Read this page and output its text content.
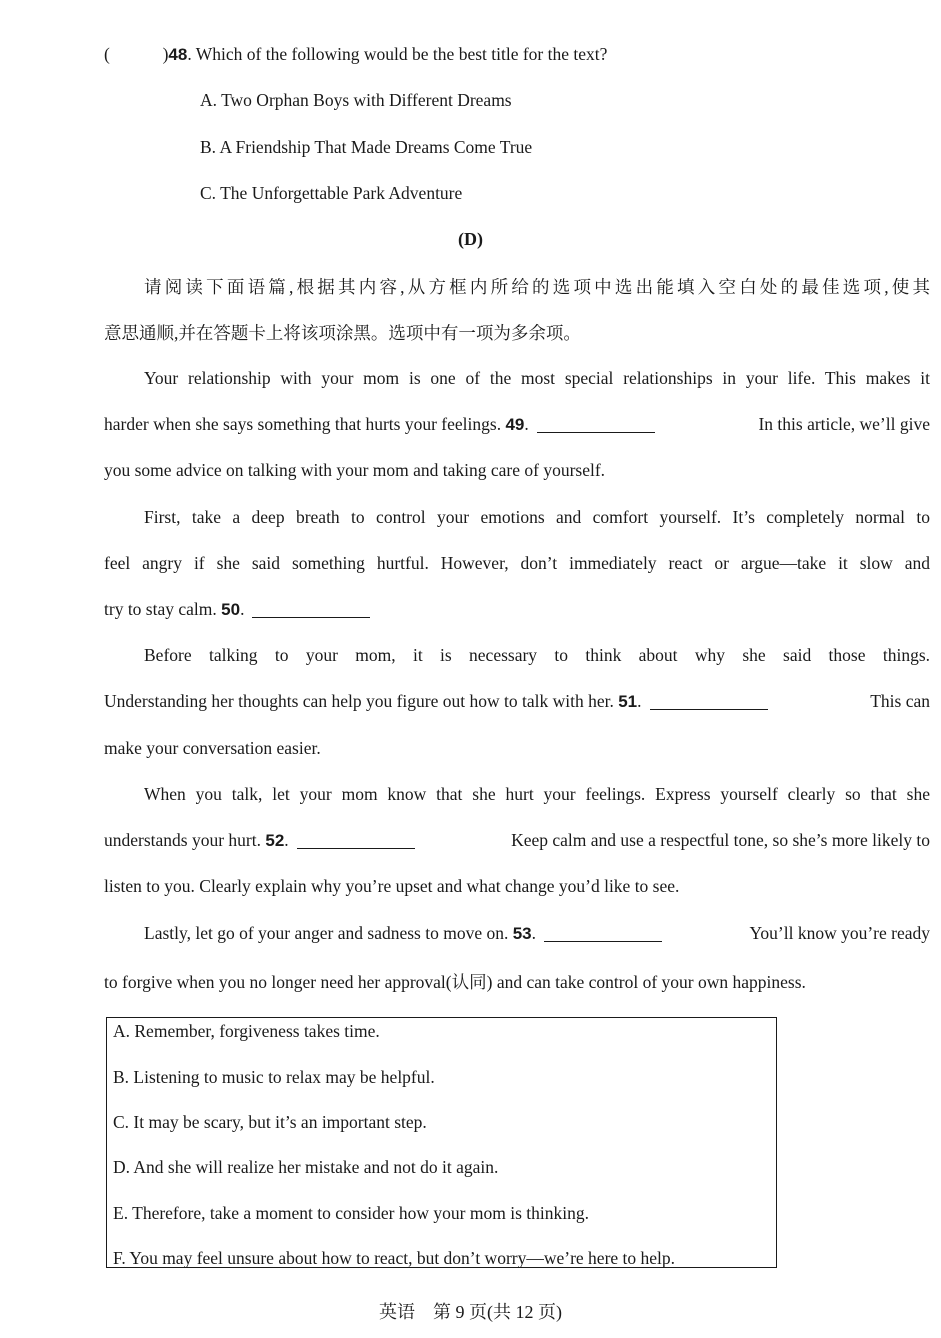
(	)48. Which of the following would be the best title for the text?
A. Two Orphan Boys with Different Dreams
B. A Friendship That Made Dreams Come True
C. The Unforgettable Park Adventure
(D)
请阅读下面语篇,根据其内容,从方框内所给的选项中选出能填入空白处的最佳选项,使其
意思通顺,并在答题卡上将该项涂黑。选项中有一项为多余项。
Your relationship with your mom is one of the most special relationships in your life. This makes it
harder when she says something that hurts your feelings. 49.	In this article, we’ll give
you some advice on talking with your mom and taking care of yourself.
First, take a deep breath to control your emotions and comfort yourself. It’s completely normal to
feel angry if she said something hurtful. However, don’t immediately react or argue—take it slow and
try to stay calm. 50.
Before talking to your mom, it is necessary to think about why she said those things.
Understanding her thoughts can help you figure out how to talk with her. 51.	This can
make your conversation easier.
When you talk, let your mom know that she hurt your feelings. Express yourself clearly so that she
understands your hurt. 52.	Keep calm and use a respectful tone, so she’s more likely to
listen to you. Clearly explain why you’re upset and what change you’d like to see.
Lastly, let go of your anger and sadness to move on. 53.	You’ll know you’re ready
to forgive when you no longer need her approval(认同) and can take control of your own happiness.
A. Remember, forgiveness takes time.
B. Listening to music to relax may be helpful.
C. It may be scary, but it’s an important step.
D. And she will realize her mistake and not do it again.
E. Therefore, take a moment to consider how your mom is thinking.
F. You may feel unsure about how to react, but don’t worry—we’re here to help.
英语　第 9 页(共 12 页)
